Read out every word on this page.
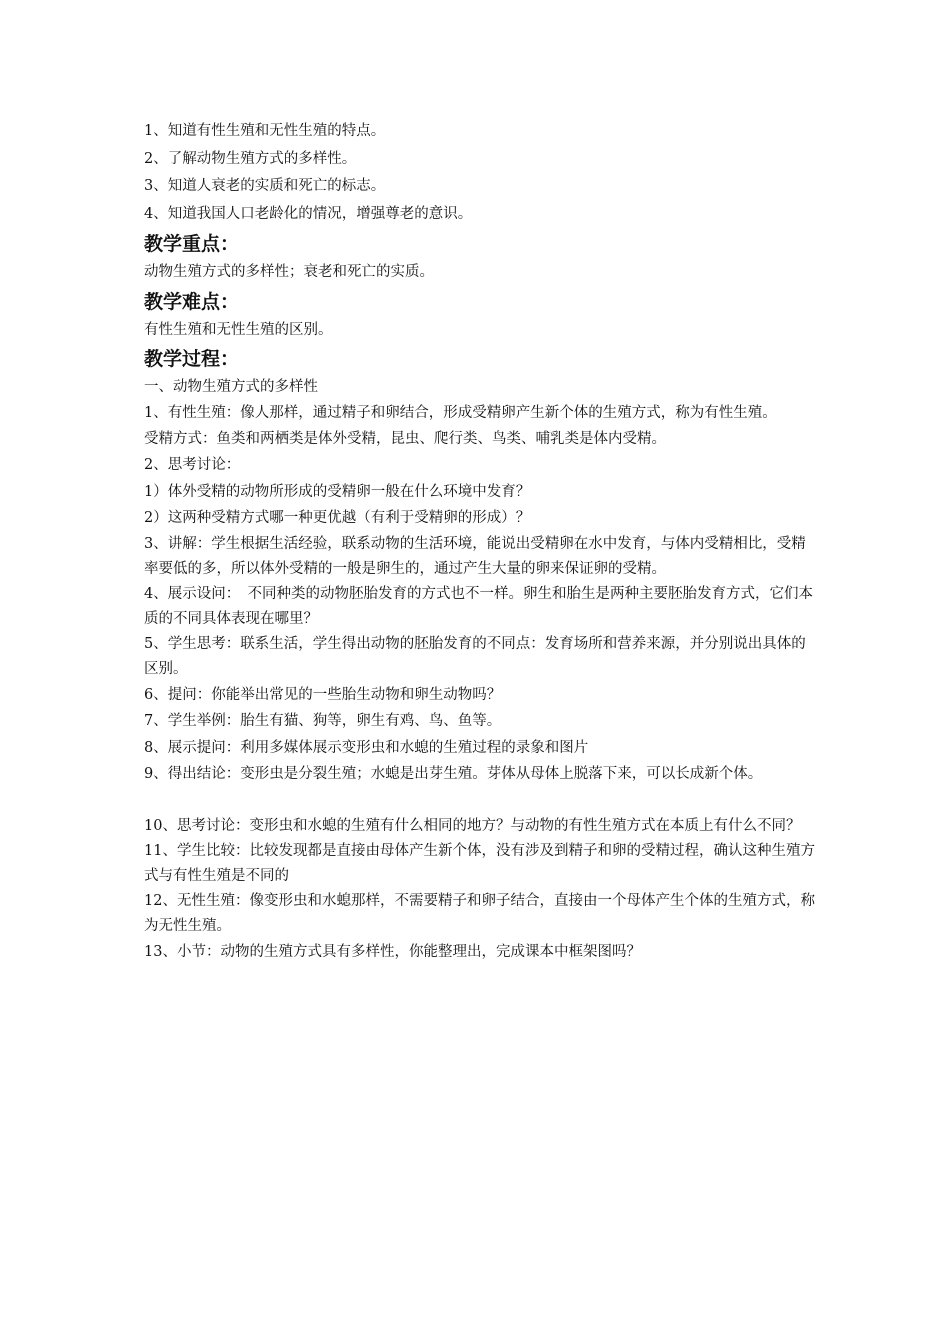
1、知道有性生殖和无性生殖的特点。

2、了解动物生殖方式的多样性。

3、知道人衰老的实质和死亡的标志。

4、知道我国人口老龄化的情况，增强尊老的意识。

教学重点：

动物生殖方式的多样性；衰老和死亡的实质。

教学难点：

有性生殖和无性生殖的区别。

教学过程：

一、动物生殖方式的多样性

1、有性生殖：像人那样，通过精子和卵结合，形成受精卵产生新个体的生殖方式，称为有性生殖。

受精方式：鱼类和两栖类是体外受精，昆虫、爬行类、鸟类、哺乳类是体内受精。

2、思考讨论：

1）体外受精的动物所形成的受精卵一般在什么环境中发育？

2）这两种受精方式哪一种更优越（有利于受精卵的形成）？

3、讲解：学生根据生活经验，联系动物的生活环境，能说出受精卵在水中发育，与体内受精相比，受精率要低的多，所以体外受精的一般是卵生的，通过产生大量的卵来保证卵的受精。

4、展示设问：　不同种类的动物胚胎发育的方式也不一样。卵生和胎生是两种主要胚胎发育方式，它们本质的不同具体表现在哪里？

5、学生思考：联系生活，学生得出动物的胚胎发育的不同点：发育场所和营养来源，并分别说出具体的区别。

6、提问：你能举出常见的一些胎生动物和卵生动物吗？

7、学生举例：胎生有猫、狗等，卵生有鸡、鸟、鱼等。

8、展示提问：利用多媒体展示变形虫和水螅的生殖过程的录象和图片

9、得出结论：变形虫是分裂生殖；水螅是出芽生殖。芽体从母体上脱落下来，可以长成新个体。

10、思考讨论：变形虫和水螅的生殖有什么相同的地方？与动物的有性生殖方式在本质上有什么不同？

11、学生比较：比较发现都是直接由母体产生新个体，没有涉及到精子和卵的受精过程，确认这种生殖方式与有性生殖是不同的

12、无性生殖：像变形虫和水螅那样，不需要精子和卵子结合，直接由一个母体产生个体的生殖方式，称为无性生殖。

13、小节：动物的生殖方式具有多样性，你能整理出，完成课本中框架图吗？
